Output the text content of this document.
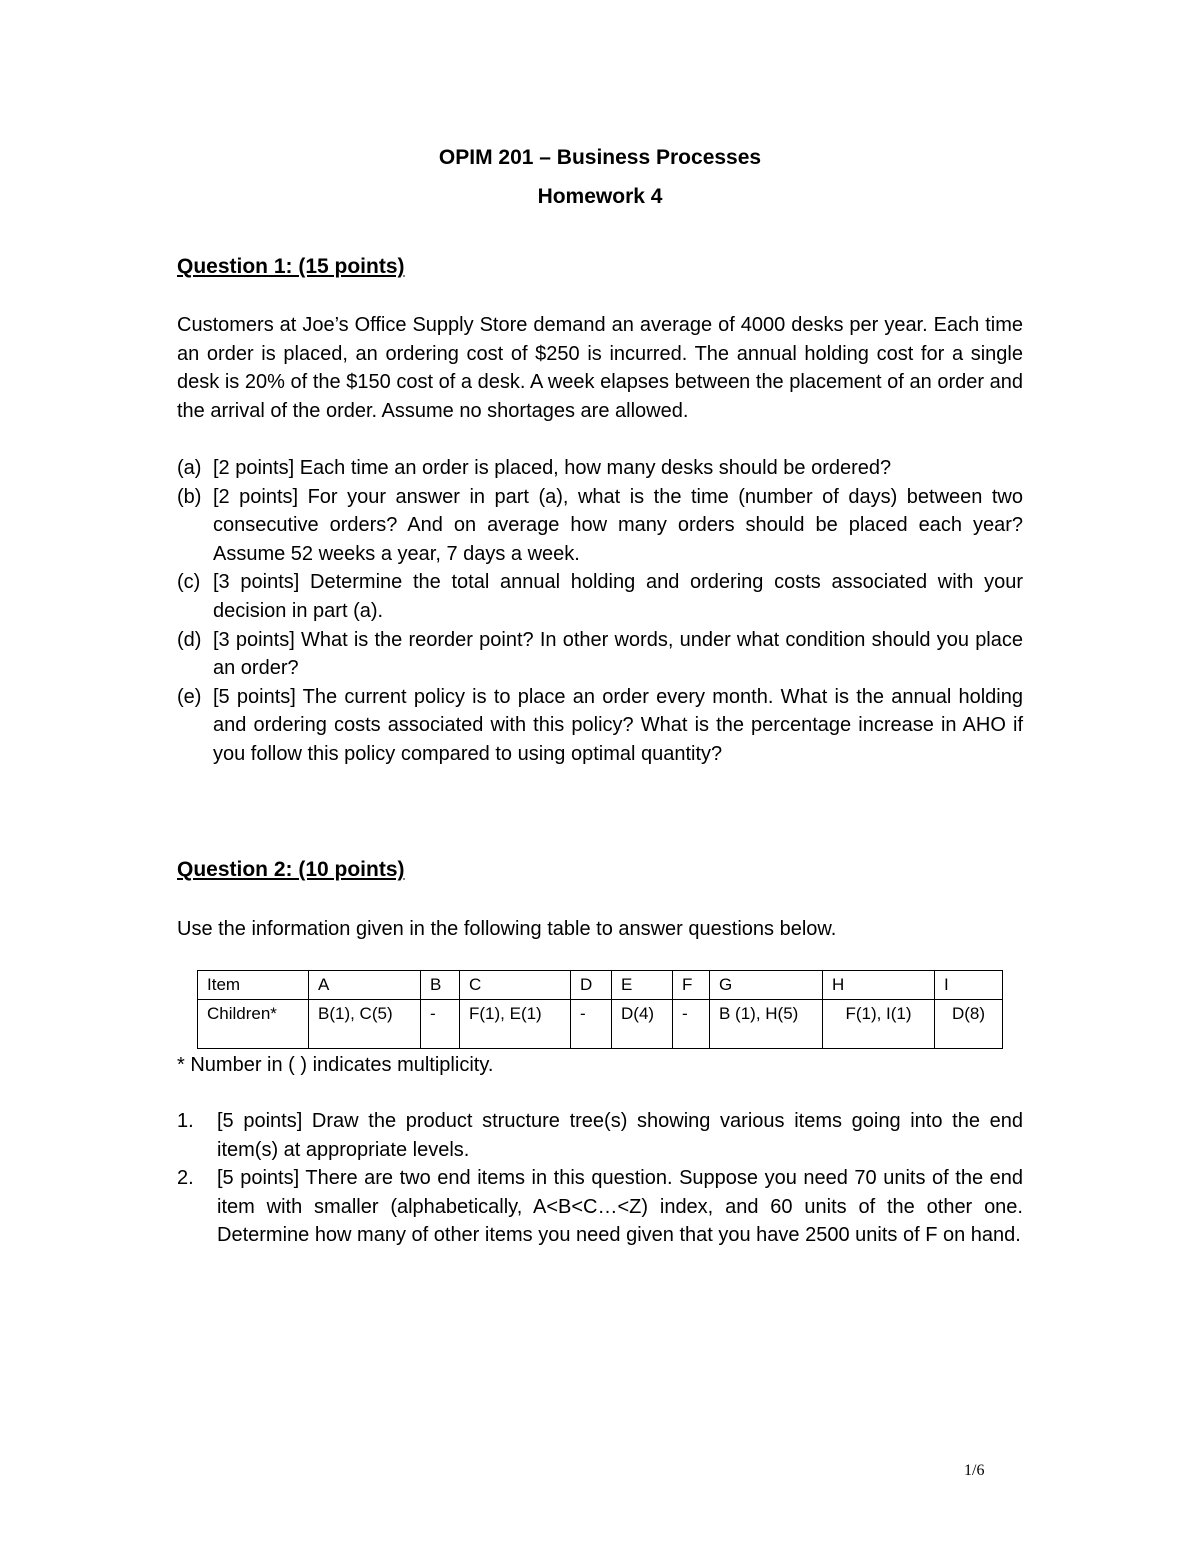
OPIM 201 – Business Processes
Homework 4
Question 1: (15 points)
Customers at Joe’s Office Supply Store demand an average of 4000 desks per year. Each time an order is placed, an ordering cost of $250 is incurred. The annual holding cost for a single desk is 20% of the $150 cost of a desk. A week elapses between the placement of an order and the arrival of the order. Assume no shortages are allowed.
(a) [2 points] Each time an order is placed, how many desks should be ordered?
(b) [2 points] For your answer in part (a), what is the time (number of days) between two consecutive orders? And on average how many orders should be placed each year? Assume 52 weeks a year, 7 days a week.
(c) [3 points] Determine the total annual holding and ordering costs associated with your decision in part (a).
(d) [3 points] What is the reorder point? In other words, under what condition should you place an order?
(e) [5 points] The current policy is to place an order every month. What is the annual holding and ordering costs associated with this policy? What is the percentage increase in AHO if you follow this policy compared to using optimal quantity?
Question 2: (10 points)
Use the information given in the following table to answer questions below.
Item	A	B	C	D	E	F	G	H	I
Children*	B(1), C(5)	-	F(1), E(1)	-	D(4)	-	B (1), H(5)	F(1), I(1)	D(8)
* Number in ( ) indicates multiplicity.
1. [5 points] Draw the product structure tree(s) showing various items going into the end item(s) at appropriate levels.
2. [5 points] There are two end items in this question. Suppose you need 70 units of the end item with smaller (alphabetically, A<B<C…<Z) index, and 60 units of the other one. Determine how many of other items you need given that you have 2500 units of F on hand.
1/6
